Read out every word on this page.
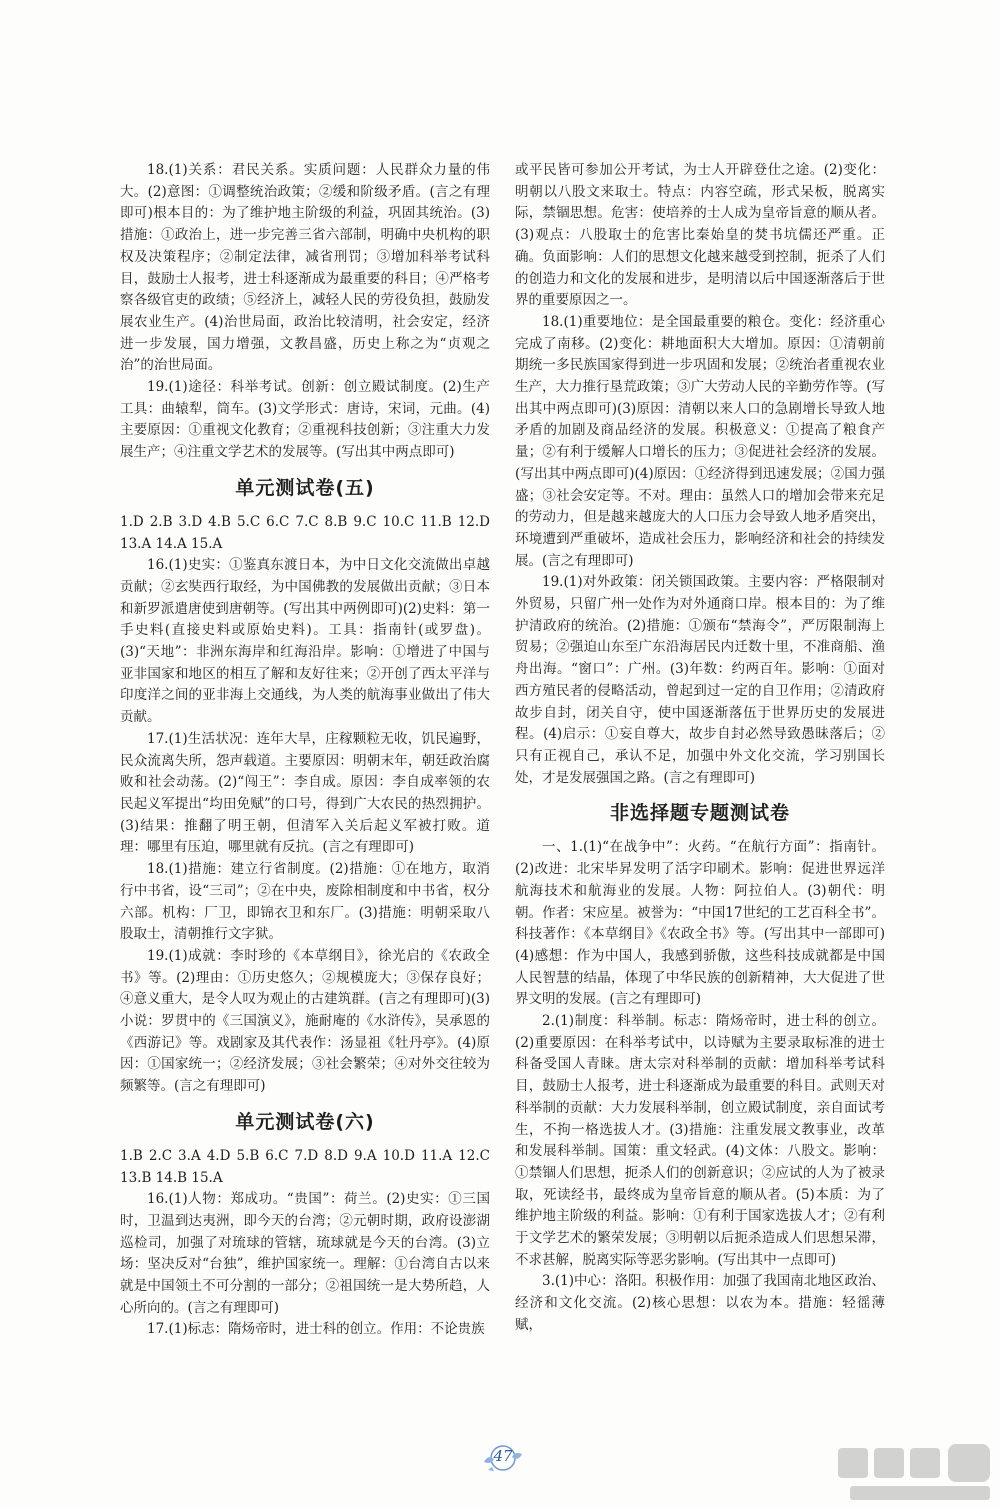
18.(1)关系：君民关系。实质问题：人民群众力量的伟大。(2)意图：①调整统治政策；②缓和阶级矛盾。(言之有理即可)根本目的：为了维护地主阶级的利益，巩固其统治。(3)措施：①政治上，进一步完善三省六部制，明确中央机构的职权及决策程序；②制定法律，减省刑罚；③增加科举考试科目，鼓励士人报考，进士科逐渐成为最重要的科目；④严格考察各级官吏的政绩；⑤经济上，减轻人民的劳役负担，鼓励发展农业生产。(4)治世局面，政治比较清明，社会安定，经济进一步发展，国力增强，文教昌盛，历史上称之为“贞观之治”的治世局面。

19.(1)途径：科举考试。创新：创立殿试制度。(2)生产工具：曲辕犁，筒车。(3)文学形式：唐诗，宋词，元曲。(4)主要原因：①重视文化教育；②重视科技创新；③注重大力发展生产；④注重文学艺术的发展等。(写出其中两点即可)

单元测试卷(五)

1.D 2.B 3.D 4.B 5.C 6.C 7.C 8.B 9.C 10.C 11.B 12.D 13.A 14.A 15.A

16.(1)史实：①鉴真东渡日本，为中日文化交流做出卓越贡献；②玄奘西行取经，为中国佛教的发展做出贡献；③日本和新罗派遣唐使到唐朝等。(写出其中两例即可)(2)史料：第一手史料(直接史料或原始史料)。工具：指南针(或罗盘)。(3)“天地”：非洲东海岸和红海沿岸。影响：①增进了中国与亚非国家和地区的相互了解和友好往来；②开创了西太平洋与印度洋之间的亚非海上交通线，为人类的航海事业做出了伟大贡献。

17.(1)生活状况：连年大旱，庄稼颗粒无收，饥民遍野，民众流离失所，怨声载道。主要原因：明朝末年，朝廷政治腐败和社会动荡。(2)“闯王”：李自成。原因：李自成率领的农民起义军提出“均田免赋”的口号，得到广大农民的热烈拥护。(3)结果：推翻了明王朝，但清军入关后起义军被打败。道理：哪里有压迫，哪里就有反抗。(言之有理即可)

18.(1)措施：建立行省制度。(2)措施：①在地方，取消行中书省，设“三司”；②在中央，废除相制度和中书省，权分六部。机构：厂卫，即锦衣卫和东厂。(3)措施：明朝采取八股取士，清朝推行文字狱。

19.(1)成就：李时珍的《本草纲目》，徐光启的《农政全书》等。(2)理由：①历史悠久；②规模庞大；③保存良好；④意义重大，是令人叹为观止的古建筑群。(言之有理即可)(3)小说：罗贯中的《三国演义》，施耐庵的《水浒传》，吴承恩的《西游记》等。戏剧家及其代表作：汤显祖《牡丹亭》。(4)原因：①国家统一；②经济发展；③社会繁荣；④对外交往较为频繁等。(言之有理即可)

单元测试卷(六)

1.B 2.C 3.A 4.D 5.B 6.C 7.D 8.D 9.A 10.D 11.A 12.C 13.B 14.B 15.A

16.(1)人物：郑成功。“贵国”：荷兰。(2)史实：①三国时，卫温到达夷洲，即今天的台湾；②元朝时期，政府设澎湖巡检司，加强了对琉球的管辖，琉球就是今天的台湾。(3)立场：坚决反对“台独”，维护国家统一。理解：①台湾自古以来就是中国领土不可分割的一部分；②祖国统一是大势所趋，人心所向的。(言之有理即可)

17.(1)标志：隋炀帝时，进士科的创立。作用：不论贵族

或平民皆可参加公开考试，为士人开辟登仕之途。(2)变化：明朝以八股文来取士。特点：内容空疏，形式呆板，脱离实际，禁锢思想。危害：使培养的士人成为皇帝旨意的顺从者。(3)观点：八股取士的危害比秦始皇的焚书坑儒还严重。正确。负面影响：人们的思想文化越来越受到控制，扼杀了人们的创造力和文化的发展和进步，是明清以后中国逐渐落后于世界的重要原因之一。

18.(1)重要地位：是全国最重要的粮仓。变化：经济重心完成了南移。(2)变化：耕地面积大大增加。原因：①清朝前期统一多民族国家得到进一步巩固和发展；②统治者重视农业生产，大力推行垦荒政策；③广大劳动人民的辛勤劳作等。(写出其中两点即可)(3)原因：清朝以来人口的急剧增长导致人地矛盾的加剧及商品经济的发展。积极意义：①提高了粮食产量；②有利于缓解人口增长的压力；③促进社会经济的发展。(写出其中两点即可)(4)原因：①经济得到迅速发展；②国力强盛；③社会安定等。不对。理由：虽然人口的增加会带来充足的劳动力，但是越来越庞大的人口压力会导致人地矛盾突出，环境遭到严重破坏，造成社会压力，影响经济和社会的持续发展。(言之有理即可)

19.(1)对外政策：闭关锁国政策。主要内容：严格限制对外贸易，只留广州一处作为对外通商口岸。根本目的：为了维护清政府的统治。(2)措施：①颁布“禁海令”，严厉限制海上贸易；②强迫山东至广东沿海居民内迁数十里，不准商船、渔舟出海。“窗口”：广州。(3)年数：约两百年。影响：①面对西方殖民者的侵略活动，曾起到过一定的自卫作用；②清政府故步自封，闭关自守，使中国逐渐落伍于世界历史的发展进程。(4)启示：①妄自尊大，故步自封必然导致愚昧落后；②只有正视自己，承认不足，加强中外文化交流，学习别国长处，才是发展强国之路。(言之有理即可)

非选择题专题测试卷

一、1.(1)“在战争中”：火药。“在航行方面”：指南针。(2)改进：北宋毕昇发明了活字印刷术。影响：促进世界远洋航海技术和航海业的发展。人物：阿拉伯人。(3)朝代：明朝。作者：宋应星。被誉为：“中国17世纪的工艺百科全书”。科技著作：《本草纲目》《农政全书》等。(写出其中一部即可)(4)感想：作为中国人，我感到骄傲，这些科技成就都是中国人民智慧的结晶，体现了中华民族的创新精神，大大促进了世界文明的发展。(言之有理即可)

2.(1)制度：科举制。标志：隋炀帝时，进士科的创立。(2)重要原因：在科举考试中，以诗赋为主要录取标准的进士科备受国人青睐。唐太宗对科举制的贡献：增加科举考试科目，鼓励士人报考，进士科逐渐成为最重要的科目。武则天对科举制的贡献：大力发展科举制，创立殿试制度，亲自面试考生，不拘一格选拔人才。(3)措施：注重发展文教事业，改革和发展科举制。国策：重文轻武。(4)文体：八股文。影响：①禁锢人们思想，扼杀人们的创新意识；②应试的人为了被录取，死读经书，最终成为皇帝旨意的顺从者。(5)本质：为了维护地主阶级的利益。影响：①有利于国家选拔人才；②有利于文学艺术的繁荣发展；③明朝以后扼杀造成人们思想呆滞，不求甚解，脱离实际等恶劣影响。(写出其中一点即可)

3.(1)中心：洛阳。积极作用：加强了我国南北地区政治、经济和文化交流。(2)核心思想：以农为本。措施：轻徭薄赋，

47
